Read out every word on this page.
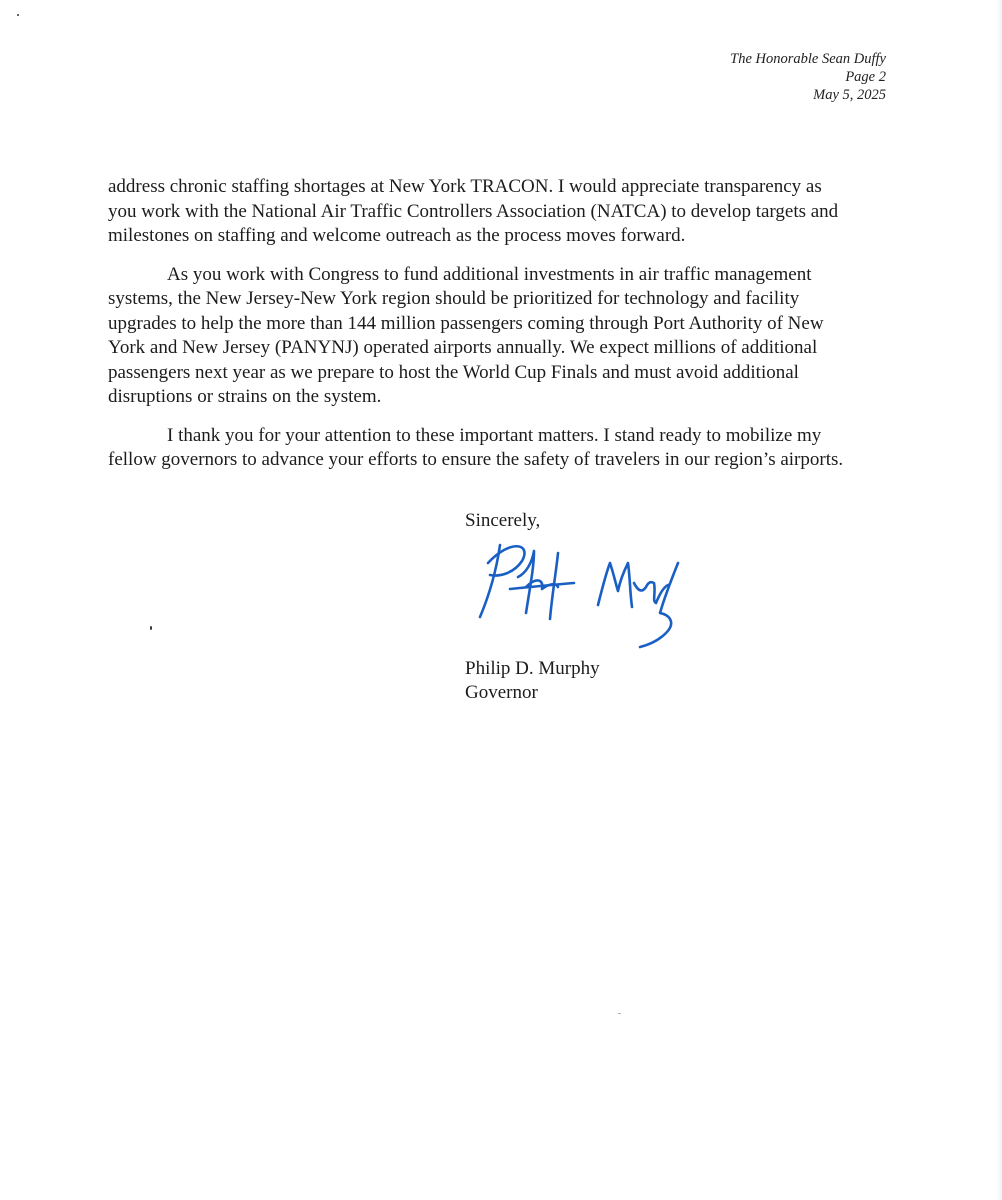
The Honorable Sean Duffy
Page 2
May 5, 2025

address chronic staffing shortages at New York TRACON. I would appreciate transparency as
you work with the National Air Traffic Controllers Association (NATCA) to develop targets and
milestones on staffing and welcome outreach as the process moves forward.

As you work with Congress to fund additional investments in air traffic management
systems, the New Jersey-New York region should be prioritized for technology and facility
upgrades to help the more than 144 million passengers coming through Port Authority of New
York and New Jersey (PANYNJ) operated airports annually. We expect millions of additional
passengers next year as we prepare to host the World Cup Finals and must avoid additional
disruptions or strains on the system.

I thank you for your attention to these important matters. I stand ready to mobilize my
fellow governors to advance your efforts to ensure the safety of travelers in our region’s airports.

Sincerely,
Philip D. Murphy
Governor
